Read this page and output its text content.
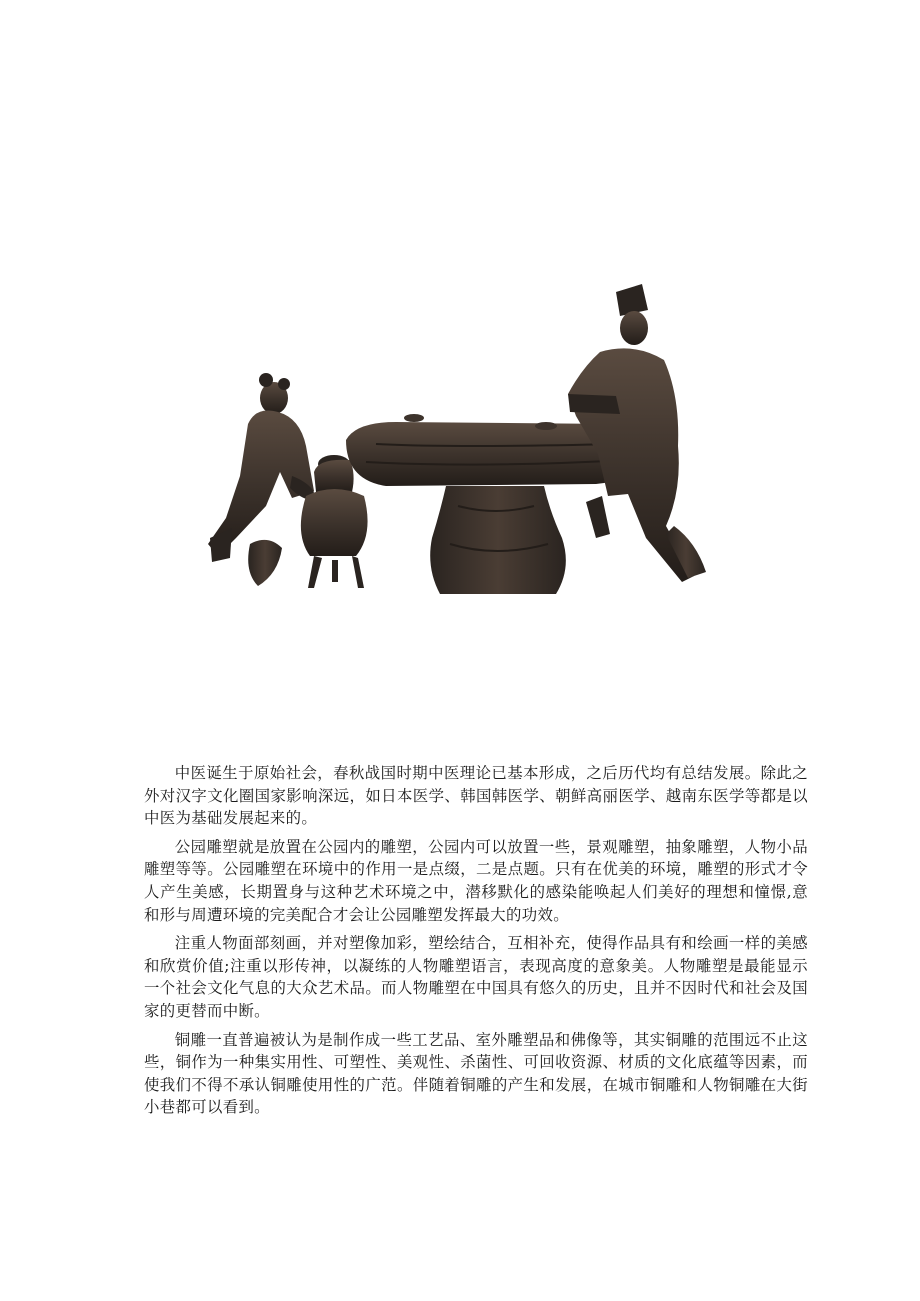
中医诞生于原始社会，春秋战国时期中医理论已基本形成，之后历代均有总结发展。除此之外对汉字文化圈国家影响深远，如日本医学、韩国韩医学、朝鲜高丽医学、越南东医学等都是以中医为基础发展起来的。

公园雕塑就是放置在公园内的雕塑，公园内可以放置一些，景观雕塑，抽象雕塑，人物小品雕塑等等。公园雕塑在环境中的作用一是点缀，二是点题。只有在优美的环境，雕塑的形式才令人产生美感，长期置身与这种艺术环境之中，潜移默化的感染能唤起人们美好的理想和憧憬,意和形与周遭环境的完美配合才会让公园雕塑发挥最大的功效。

注重人物面部刻画，并对塑像加彩，塑绘结合，互相补充，使得作品具有和绘画一样的美感和欣赏价值;注重以形传神，以凝练的人物雕塑语言，表现高度的意象美。人物雕塑是最能显示一个社会文化气息的大众艺术品。而人物雕塑在中国具有悠久的历史，且并不因时代和社会及国家的更替而中断。

铜雕一直普遍被认为是制作成一些工艺品、室外雕塑品和佛像等，其实铜雕的范围远不止这些，铜作为一种集实用性、可塑性、美观性、杀菌性、可回收资源、材质的文化底蕴等因素，而使我们不得不承认铜雕使用性的广范。伴随着铜雕的产生和发展，在城市铜雕和人物铜雕在大街小巷都可以看到。
